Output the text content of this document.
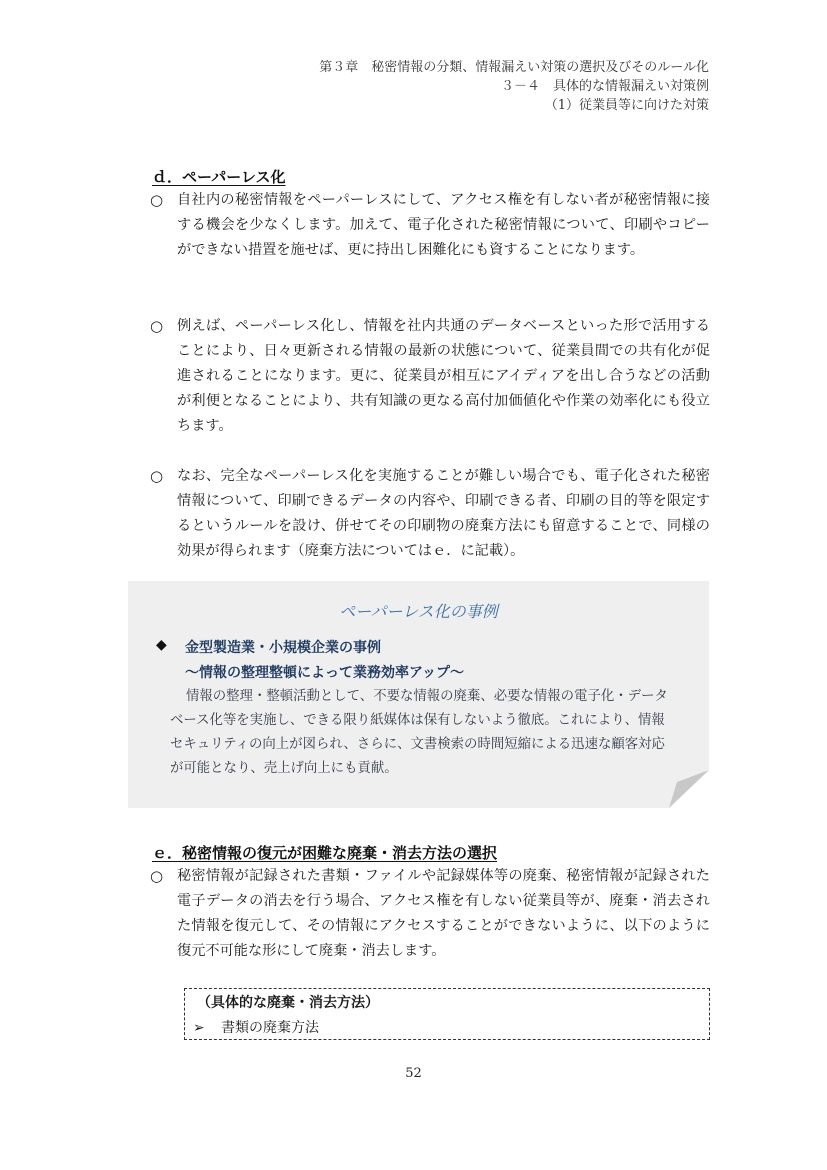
第３章　秘密情報の分類、情報漏えい対策の選択及びそのルール化
３－４　具体的な情報漏えい対策例
（1）従業員等に向けた対策
ｄ．ペーパーレス化
○ 自社内の秘密情報をペーパーレスにして、アクセス権を有しない者が秘密情報に接する機会を少なくします。加えて、電子化された秘密情報について、印刷やコピーができない措置を施せば、更に持出し困難化にも資することになります。
○ 例えば、ペーパーレス化し、情報を社内共通のデータベースといった形で活用することにより、日々更新される情報の最新の状態について、従業員間での共有化が促進されることになります。更に、従業員が相互にアイディアを出し合うなどの活動が利便となることにより、共有知識の更なる高付加価値化や作業の効率化にも役立ちます。
○ なお、完全なペーパーレス化を実施することが難しい場合でも、電子化された秘密情報について、印刷できるデータの内容や、印刷できる者、印刷の目的等を限定するというルールを設け、併せてその印刷物の廃棄方法にも留意することで、同様の効果が得られます（廃棄方法についてはｅ．に記載）。
ペーパーレス化の事例
◆ 金型製造業・小規模企業の事例
～情報の整理整頓によって業務効率アップ～
情報の整理・整頓活動として、不要な情報の廃棄、必要な情報の電子化・データベース化等を実施し、できる限り紙媒体は保有しないよう徹底。これにより、情報セキュリティの向上が図られ、さらに、文書検索の時間短縮による迅速な顧客対応が可能となり、売上げ向上にも貢献。
ｅ．秘密情報の復元が困難な廃棄・消去方法の選択
○ 秘密情報が記録された書類・ファイルや記録媒体等の廃棄、秘密情報が記録された電子データの消去を行う場合、アクセス権を有しない従業員等が、廃棄・消去された情報を復元して、その情報にアクセスすることができないように、以下のように復元不可能な形にして廃棄・消去します。
（具体的な廃棄・消去方法）
➢ 書類の廃棄方法
52
